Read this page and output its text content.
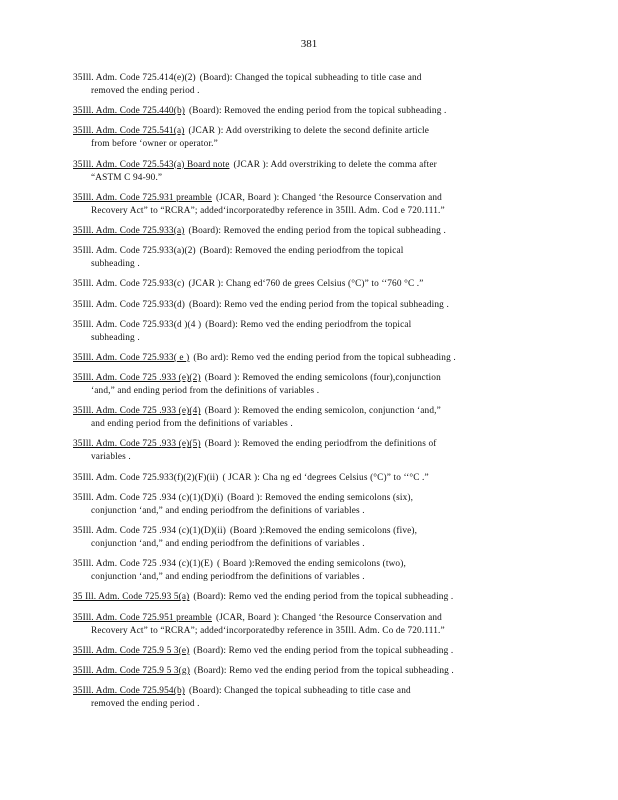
381
35Ill. Adm. Code 725.414(e)(2) (Board): Changed the topical subheading to title case and
removed the ending period .
35Ill. Adm. Code 725.440(b) (Board): Removed the ending period from the topical subheading .
35Ill. Adm. Code 725.541(a) (JCAR ): Add overstriking to delete the second definite article
from before ‘owner or operator.”
35Ill. Adm. Code 725.543(a) Board note (JCAR ): Add overstriking to delete the comma after
“ASTM C 94-90.”
35Ill. Adm. Code 725.931 preamble (JCAR, Board ): Changed ‘the Resource Conservation and
Recovery Act” to “RCRA”; added‘incorporatedby reference in 35Ill. Adm. Cod e 720.111.”
35Ill. Adm. Code 725.933(a) (Board): Removed the ending period from the topical subheading .
35Ill. Adm. Code 725.933(a)(2) (Board): Removed the ending periodfrom the topical
subheading .
35Ill. Adm. Code 725.933(c) (JCAR ): Chang ed‘760 de grees Celsius (°C)” to ‘‘760 °C .”
35Ill. Adm. Code 725.933(d) (Board): Remo ved the ending period from the topical subheading .
35Ill. Adm. Code 725.933(d )(4 ) (Board): Remo ved the ending periodfrom the topical
subheading .
35Ill. Adm. Code 725.933( e ) (Bo ard): Remo ved the ending period from the topical subheading .
35Ill. Adm. Code 725 .933 (e)(2) (Board ): Removed the ending semicolons (four),conjunction
‘and,” and ending period from the definitions of variables .
35Ill. Adm. Code 725 .933 (e)(4) (Board ): Removed the ending semicolon, conjunction ‘and,”
and ending period from the definitions of variables .
35Ill. Adm. Code 725 .933 (e)(5) (Board ): Removed the ending periodfrom the definitions of
variables .
35Ill. Adm. Code 725.933(f)(2)(F)(ii) ( JCAR ): Cha ng ed ‘degrees Celsius (°C)” to ‘‘°C .”
35Ill. Adm. Code 725 .934 (c)(1)(D)(i) (Board ): Removed the ending semicolons (six),
conjunction ‘and,” and ending periodfrom the definitions of variables .
35Ill. Adm. Code 725 .934 (c)(1)(D)(ii) (Board ):Removed the ending semicolons (five),
conjunction ‘and,” and ending periodfrom the definitions of variables .
35Ill. Adm. Code 725 .934 (c)(1)(E) ( Board ):Removed the ending semicolons (two),
conjunction ‘and,” and ending periodfrom the definitions of variables .
35 Ill. Adm. Code 725.93 5(a) (Board): Remo ved the ending period from the topical subheading .
35Ill. Adm. Code 725.951 preamble (JCAR, Board ): Changed ‘the Resource Conservation and
Recovery Act” to “RCRA”; added‘incorporatedby reference in 35Ill. Adm. Co de 720.111.”
35Ill. Adm. Code 725.9 5 3(e) (Board): Remo ved the ending period from the topical subheading .
35Ill. Adm. Code 725.9 5 3(g) (Board): Remo ved the ending period from the topical subheading .
35Ill. Adm. Code 725.954(b) (Board): Changed the topical subheading to title case and
removed the ending period .
